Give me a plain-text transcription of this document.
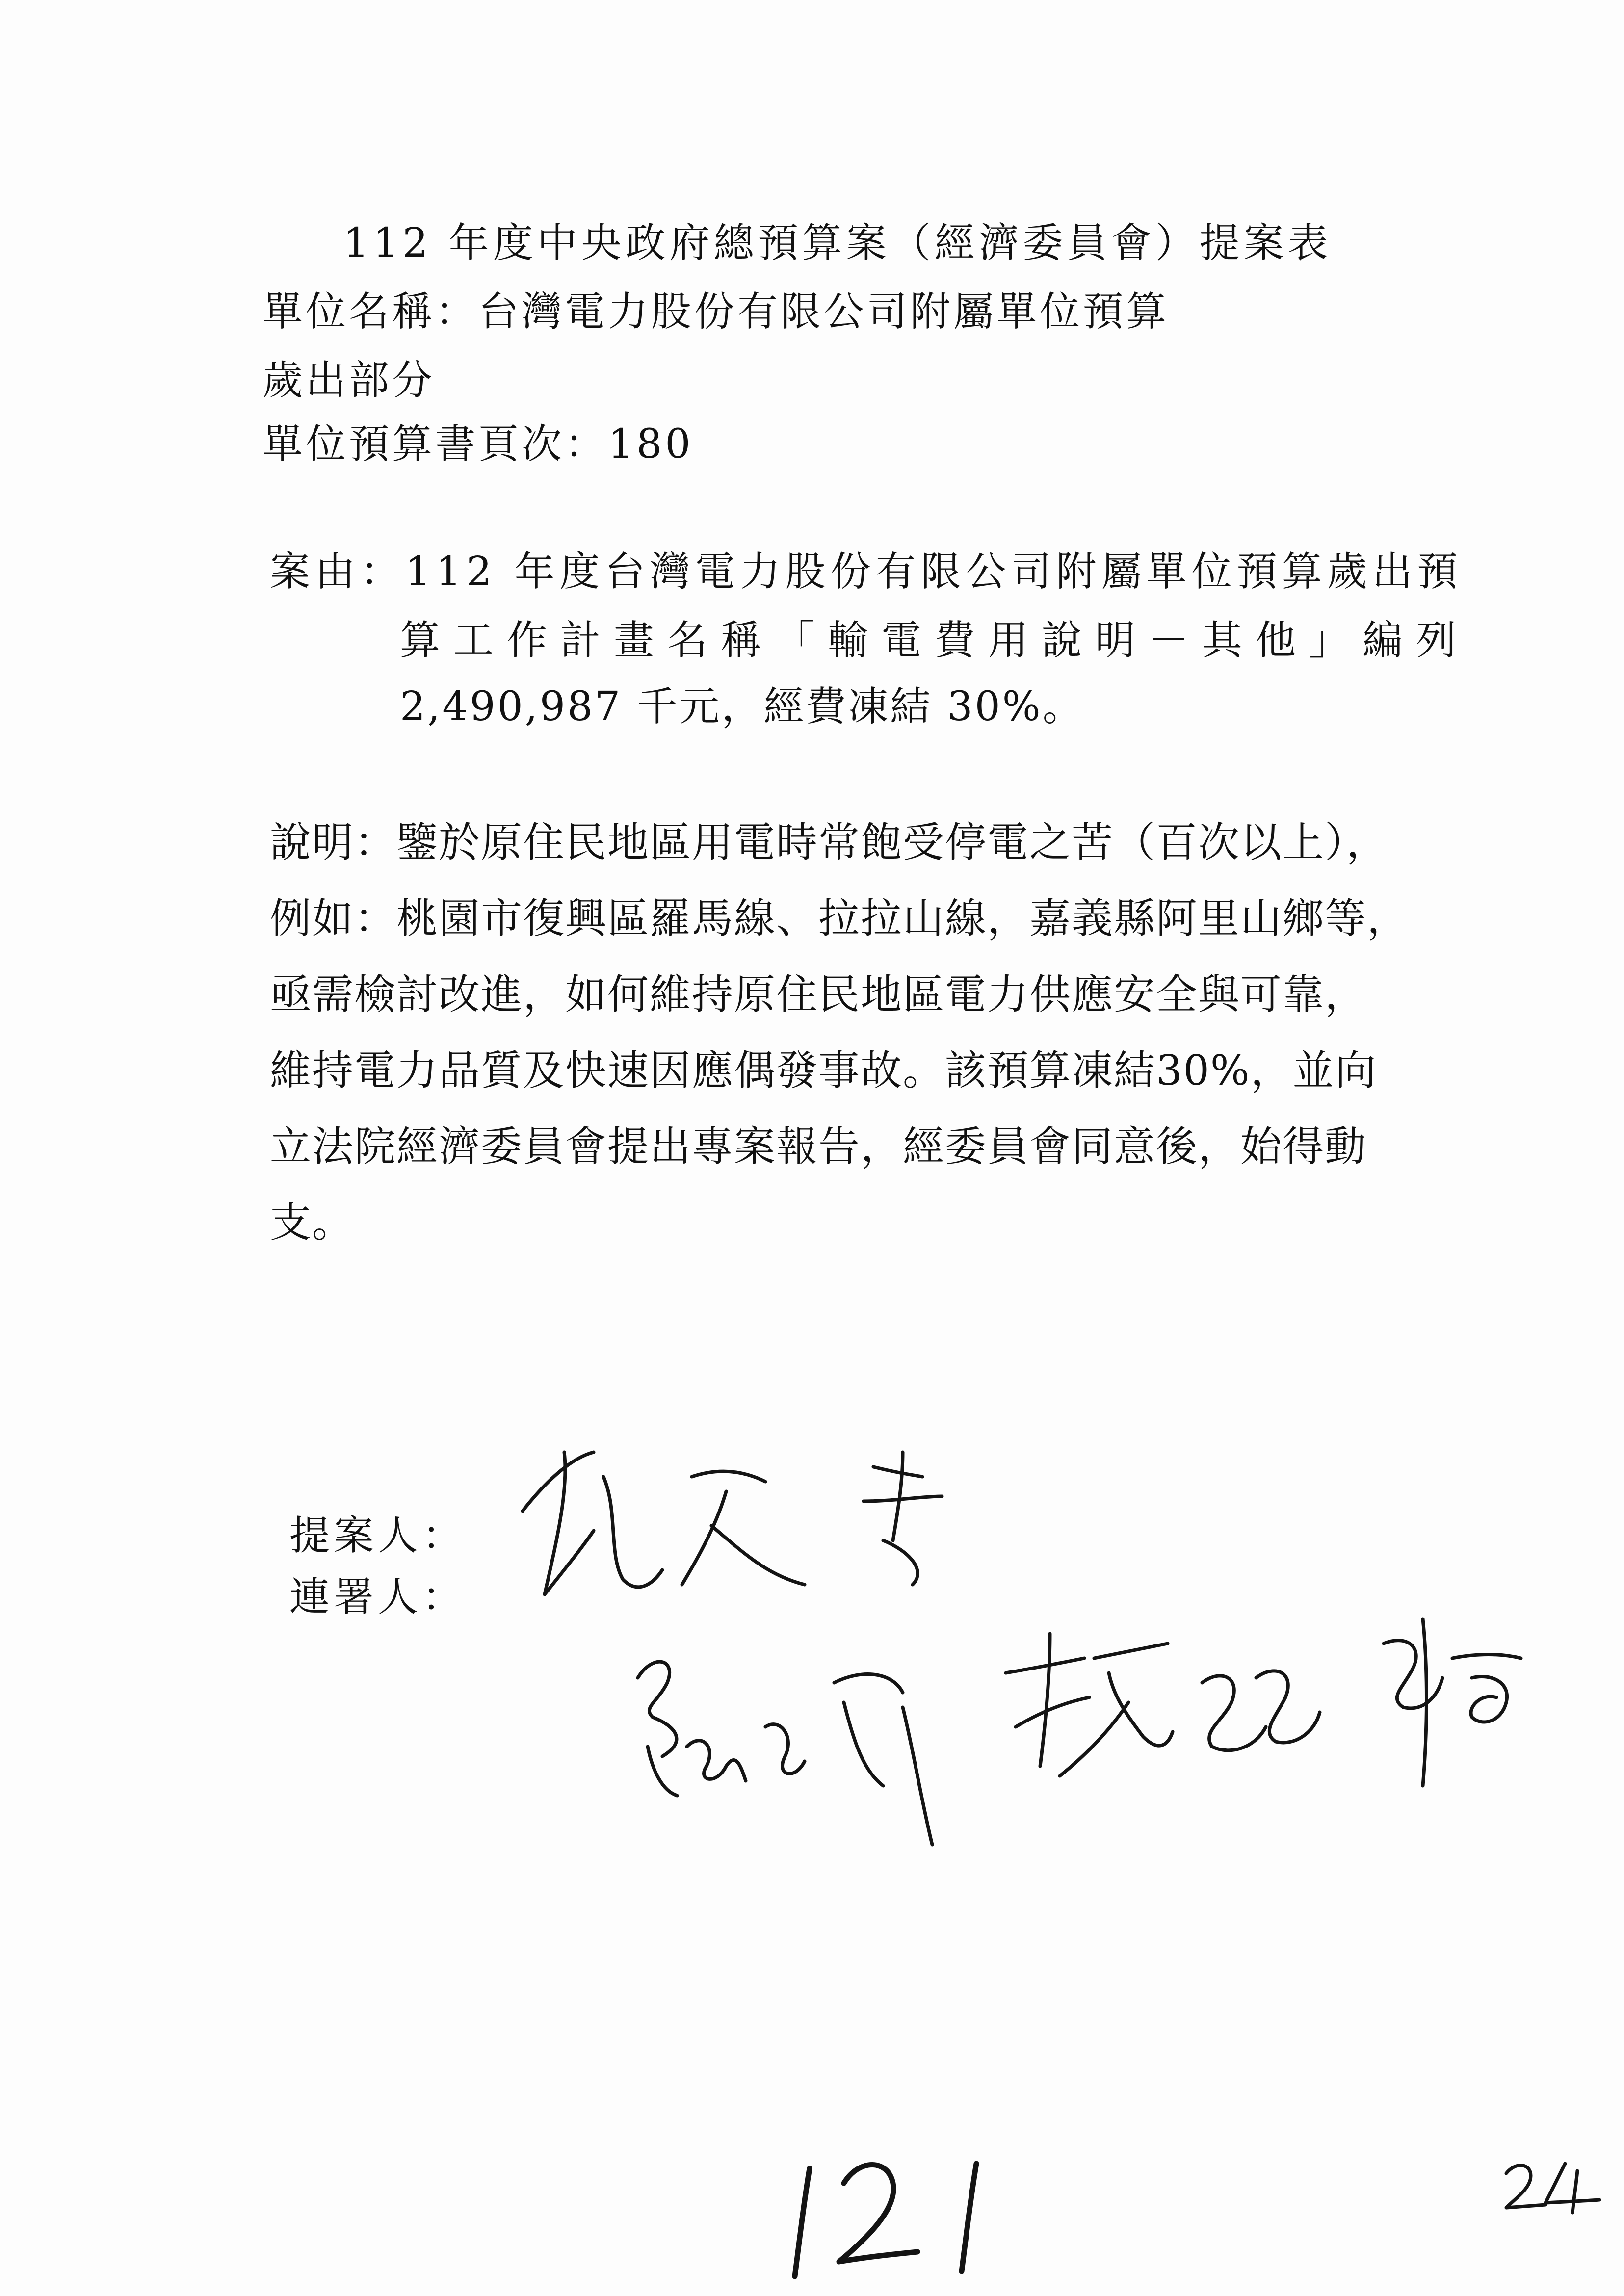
112 年度中央政府總預算案（經濟委員會）提案表
單位名稱：台灣電力股份有限公司附屬單位預算
歲出部分
單位預算書頁次：180
案由：112 年度台灣電力股份有限公司附屬單位預算歲出預
算工作計畫名稱「輸電費用說明－其他」編列
2,490,987 千元，經費凍結 30%。
說明：鑒於原住民地區用電時常飽受停電之苦（百次以上），
例如：桃園市復興區羅馬線、拉拉山線，嘉義縣阿里山鄉等，
亟需檢討改進，如何維持原住民地區電力供應安全與可靠，
維持電力品質及快速因應偶發事故。該預算凍結30%，並向
立法院經濟委員會提出專案報告，經委員會同意後，始得動
支。
提案人：
連署人：
